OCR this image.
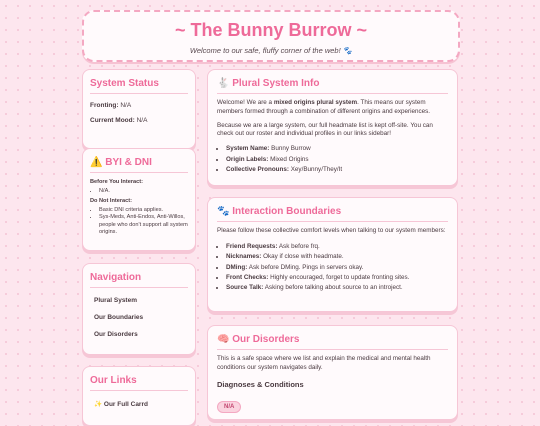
~ The Bunny Burrow ~
Welcome to our safe, fluffy corner of the web! 🐾
System Status
Fronting: N/A
Current Mood: N/A
⚠️ BYI & DNI
Before You Interact:
• N/A.
Do Not Interact:
• Basic DNI criteria applies.
• Sys-Meds, Anti-Endos, Anti-Willos, people who don't support all system origins.
Navigation
Plural System
Our Boundaries
Our Disorders
Our Links
✨ Our Full Carrd
🐇 Plural System Info

Welcome! We are a mixed origins plural system. This means our system members formed through a combination of different origins and experiences.

Because we are a large system, our full headmate list is kept off-site. You can check out our roster and individual profiles in our links sidebar!

• System Name: Bunny Burrow
• Origin Labels: Mixed Origins
• Collective Pronouns: Xey/Bunny/They/It
🐾 Interaction Boundaries

Please follow these collective comfort levels when talking to our system members:

• Friend Requests: Ask before frq.
• Nicknames: Okay if close with headmate.
• DMing: Ask before DMing. Pings in servers okay.
• Front Checks: Highly encouraged, forget to update fronting sites.
• Source Talk: Asking before talking about source to an introject.
🧠 Our Disorders

This is a safe space where we list and explain the medical and mental health conditions our system navigates daily.

Diagnoses & Conditions
N/A
